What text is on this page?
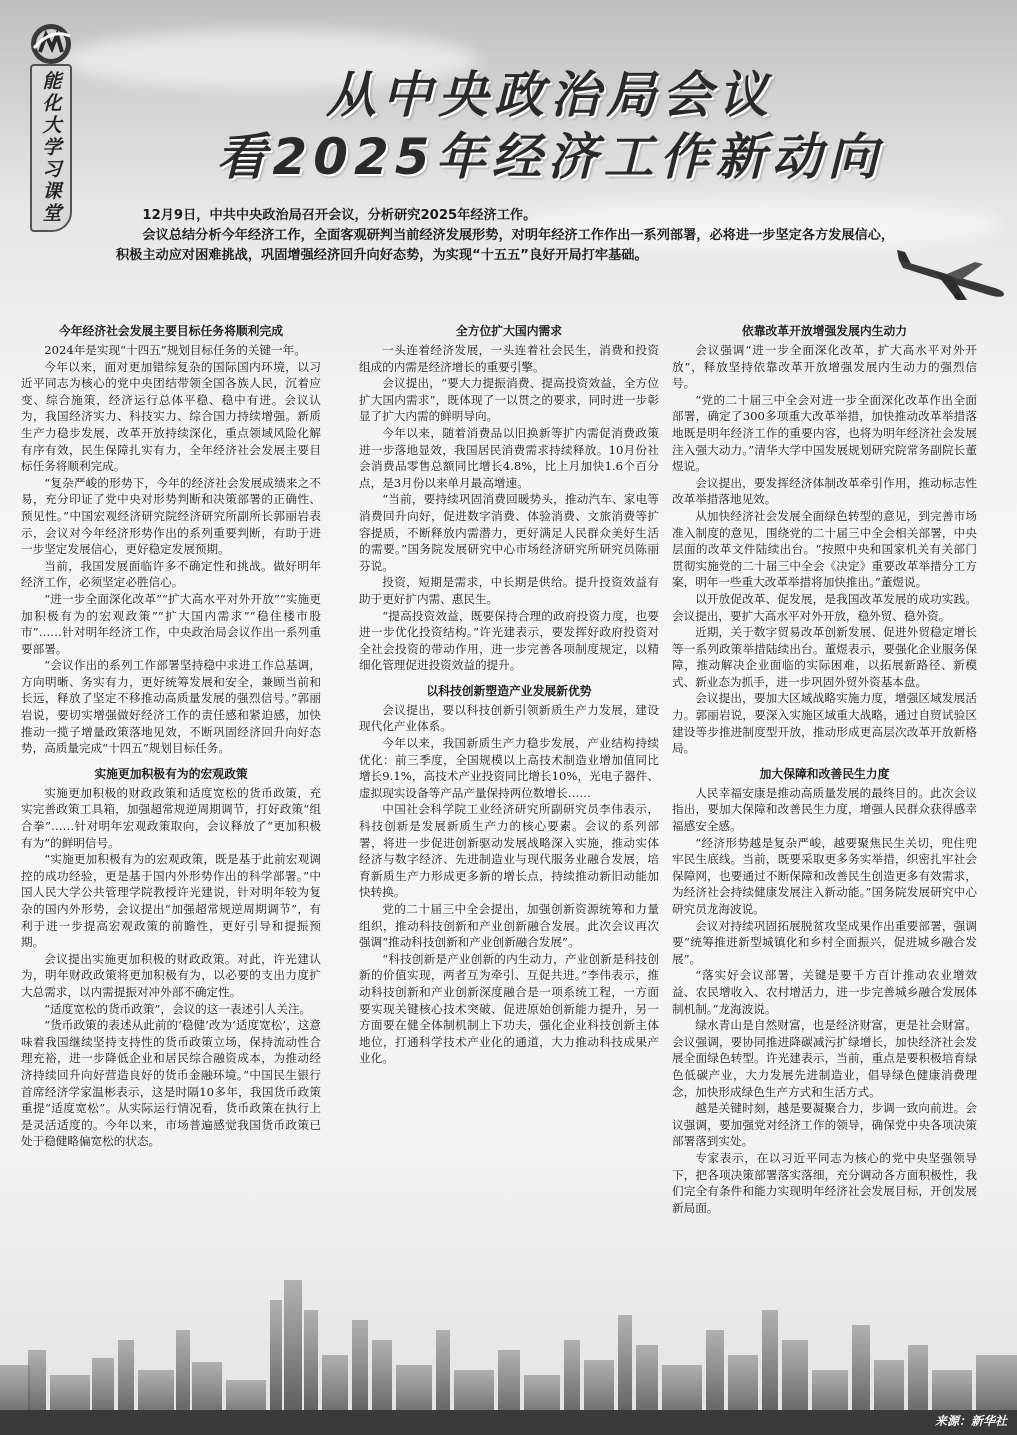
能化大学习课堂	从中央政治局会议
看2025年经济工作新动向

12月9日，中共中央政治局召开会议，分析研究2025年经济工作。

会议总结分析今年经济工作，全面客观研判当前经济发展形势，对明年经济工作作出一系列部署，必将进一步坚定各方发展信心，积极主动应对困难挑战，巩固增强经济回升向好态势，为实现“十五五”良好开局打牢基础。

今年经济社会发展主要目标任务将顺利完成

2024年是实现“十四五”规划目标任务的关键一年。

今年以来，面对更加错综复杂的国际国内环境，以习近平同志为核心的党中央团结带领全国各族人民，沉着应变、综合施策，经济运行总体平稳、稳中有进。会议认为，我国经济实力、科技实力、综合国力持续增强。新质生产力稳步发展，改革开放持续深化，重点领域风险化解有序有效，民生保障扎实有力，全年经济社会发展主要目标任务将顺利完成。

“复杂严峻的形势下，今年的经济社会发展成绩来之不易，充分印证了党中央对形势判断和决策部署的正确性、预见性。”中国宏观经济研究院经济研究所副所长郭丽岩表示，会议对今年经济形势作出的系列重要判断，有助于进一步坚定发展信心，更好稳定发展预期。

当前，我国发展面临许多不确定性和挑战。做好明年经济工作，必须坚定必胜信心。

“进一步全面深化改革”“扩大高水平对外开放”“实施更加积极有为的宏观政策”“扩大国内需求”“稳住楼市股市”……针对明年经济工作，中央政治局会议作出一系列重要部署。

“会议作出的系列工作部署坚持稳中求进工作总基调，方向明晰、务实有力，更好统筹发展和安全，兼顾当前和长远，释放了坚定不移推动高质量发展的强烈信号。”郭丽岩说，要切实增强做好经济工作的责任感和紧迫感，加快推动一揽子增量政策落地见效，不断巩固经济回升向好态势，高质量完成“十四五”规划目标任务。

实施更加积极有为的宏观政策

实施更加积极的财政政策和适度宽松的货币政策，充实完善政策工具箱，加强超常规逆周期调节，打好政策“组合拳”……针对明年宏观政策取向，会议释放了“更加积极有为”的鲜明信号。

“实施更加积极有为的宏观政策，既是基于此前宏观调控的成功经验，更是基于国内外形势作出的科学部署。”中国人民大学公共管理学院教授许光建说，针对明年较为复杂的国内外形势，会议提出“加强超常规逆周期调节”，有利于进一步提高宏观政策的前瞻性，更好引导和提振预期。

会议提出实施更加积极的财政政策。对此，许光建认为，明年财政政策将更加积极有为，以必要的支出力度扩大总需求，以内需提振对冲外部不确定性。

“适度宽松的货币政策”，会议的这一表述引人关注。

“货币政策的表述从此前的‘稳健’改为‘适度宽松’，这意味着我国继续坚持支持性的货币政策立场，保持流动性合理充裕，进一步降低企业和居民综合融资成本，为推动经济持续回升向好营造良好的货币金融环境。”中国民生银行首席经济学家温彬表示，这是时隔10多年，我国货币政策重提“适度宽松”。从实际运行情况看，货币政策在执行上是灵活适度的。今年以来，市场普遍感觉我国货币政策已处于稳健略偏宽松的状态。

全方位扩大国内需求

一头连着经济发展，一头连着社会民生，消费和投资组成的内需是经济增长的重要引擎。

会议提出，“要大力提振消费、提高投资效益，全方位扩大国内需求”，既体现了一以贯之的要求，同时进一步彰显了扩大内需的鲜明导向。

今年以来，随着消费品以旧换新等扩内需促消费政策进一步落地显效，我国居民消费需求持续释放。10月份社会消费品零售总额同比增长4.8%，比上月加快1.6个百分点，是3月份以来单月最高增速。

“当前，要持续巩固消费回暖势头，推动汽车、家电等消费回升向好，促进数字消费、体验消费、文旅消费等扩容提质，不断释放内需潜力，更好满足人民群众美好生活的需要。”国务院发展研究中心市场经济研究所研究员陈丽芬说。

投资，短期是需求，中长期是供给。提升投资效益有助于更好扩内需、惠民生。

“提高投资效益，既要保持合理的政府投资力度，也要进一步优化投资结构。”许光建表示，要发挥好政府投资对全社会投资的带动作用，进一步完善各项制度规定，以精细化管理促进投资效益的提升。

以科技创新塑造产业发展新优势

会议提出，要以科技创新引领新质生产力发展，建设现代化产业体系。

今年以来，我国新质生产力稳步发展，产业结构持续优化：前三季度，全国规模以上高技术制造业增加值同比增长9.1%，高技术产业投资同比增长10%，光电子器件、虚拟现实设备等产品产量保持两位数增长……

中国社会科学院工业经济研究所副研究员李伟表示，科技创新是发展新质生产力的核心要素。会议的系列部署，将进一步促进创新驱动发展战略深入实施，推动实体经济与数字经济、先进制造业与现代服务业融合发展，培育新质生产力形成更多新的增长点，持续推动新旧动能加快转换。

党的二十届三中全会提出，加强创新资源统筹和力量组织，推动科技创新和产业创新融合发展。此次会议再次强调“推动科技创新和产业创新融合发展”。

“科技创新是产业创新的内生动力，产业创新是科技创新的价值实现，两者互为牵引、互促共进。”李伟表示，推动科技创新和产业创新深度融合是一项系统工程，一方面要实现关键核心技术突破、促进原始创新能力提升，另一方面要在健全体制机制上下功夫，强化企业科技创新主体地位，打通科学技术产业化的通道，大力推动科技成果产业化。

依靠改革开放增强发展内生动力

会议强调“进一步全面深化改革，扩大高水平对外开放”，释放坚持依靠改革开放增强发展内生动力的强烈信号。

“党的二十届三中全会对进一步全面深化改革作出全面部署，确定了300多项重大改革举措，加快推动改革举措落地既是明年经济工作的重要内容，也将为明年经济社会发展注入强大动力。”清华大学中国发展规划研究院常务副院长董煜说。

会议提出，要发挥经济体制改革牵引作用，推动标志性改革举措落地见效。

从加快经济社会发展全面绿色转型的意见，到完善市场准入制度的意见，围绕党的二十届三中全会相关部署，中央层面的改革文件陆续出台。“按照中央和国家机关有关部门贯彻实施党的二十届三中全会《决定》重要改革举措分工方案，明年一些重大改革举措将加快推出。”董煜说。

以开放促改革、促发展，是我国改革发展的成功实践。会议提出，要扩大高水平对外开放，稳外贸、稳外资。

近期，关于数字贸易改革创新发展、促进外贸稳定增长等一系列政策举措陆续出台。董煜表示，要强化企业服务保障，推动解决企业面临的实际困难，以拓展新路径、新模式、新业态为抓手，进一步巩固外贸外资基本盘。

会议提出，要加大区域战略实施力度，增强区域发展活力。郭丽岩说，要深入实施区域重大战略，通过自贸试验区建设等步推进制度型开放，推动形成更高层次改革开放新格局。

加大保障和改善民生力度

人民幸福安康是推动高质量发展的最终目的。此次会议指出，要加大保障和改善民生力度，增强人民群众获得感幸福感安全感。

“经济形势越是复杂严峻，越要聚焦民生关切，兜住兜牢民生底线。当前，既要采取更多务实举措，织密扎牢社会保障网，也要通过不断保障和改善民生创造更多有效需求，为经济社会持续健康发展注入新动能。”国务院发展研究中心研究员龙海波说。

会议对持续巩固拓展脱贫攻坚成果作出重要部署，强调要“统筹推进新型城镇化和乡村全面振兴，促进城乡融合发展”。

“落实好会议部署，关键是要千方百计推动农业增效益、农民增收入、农村增活力，进一步完善城乡融合发展体制机制。”龙海波说。

绿水青山是自然财富，也是经济财富，更是社会财富。会议强调，要协同推进降碳减污扩绿增长，加快经济社会发展全面绿色转型。许光建表示，当前，重点是要积极培育绿色低碳产业，大力发展先进制造业，倡导绿色健康消费理念，加快形成绿色生产方式和生活方式。

越是关键时刻，越是要凝聚合力，步调一致向前进。会议强调，要加强党对经济工作的领导，确保党中央各项决策部署落到实处。

专家表示，在以习近平同志为核心的党中央坚强领导下，把各项决策部署落实落细，充分调动各方面积极性，我们完全有条件和能力实现明年经济社会发展目标，开创发展新局面。

来源：新华社
